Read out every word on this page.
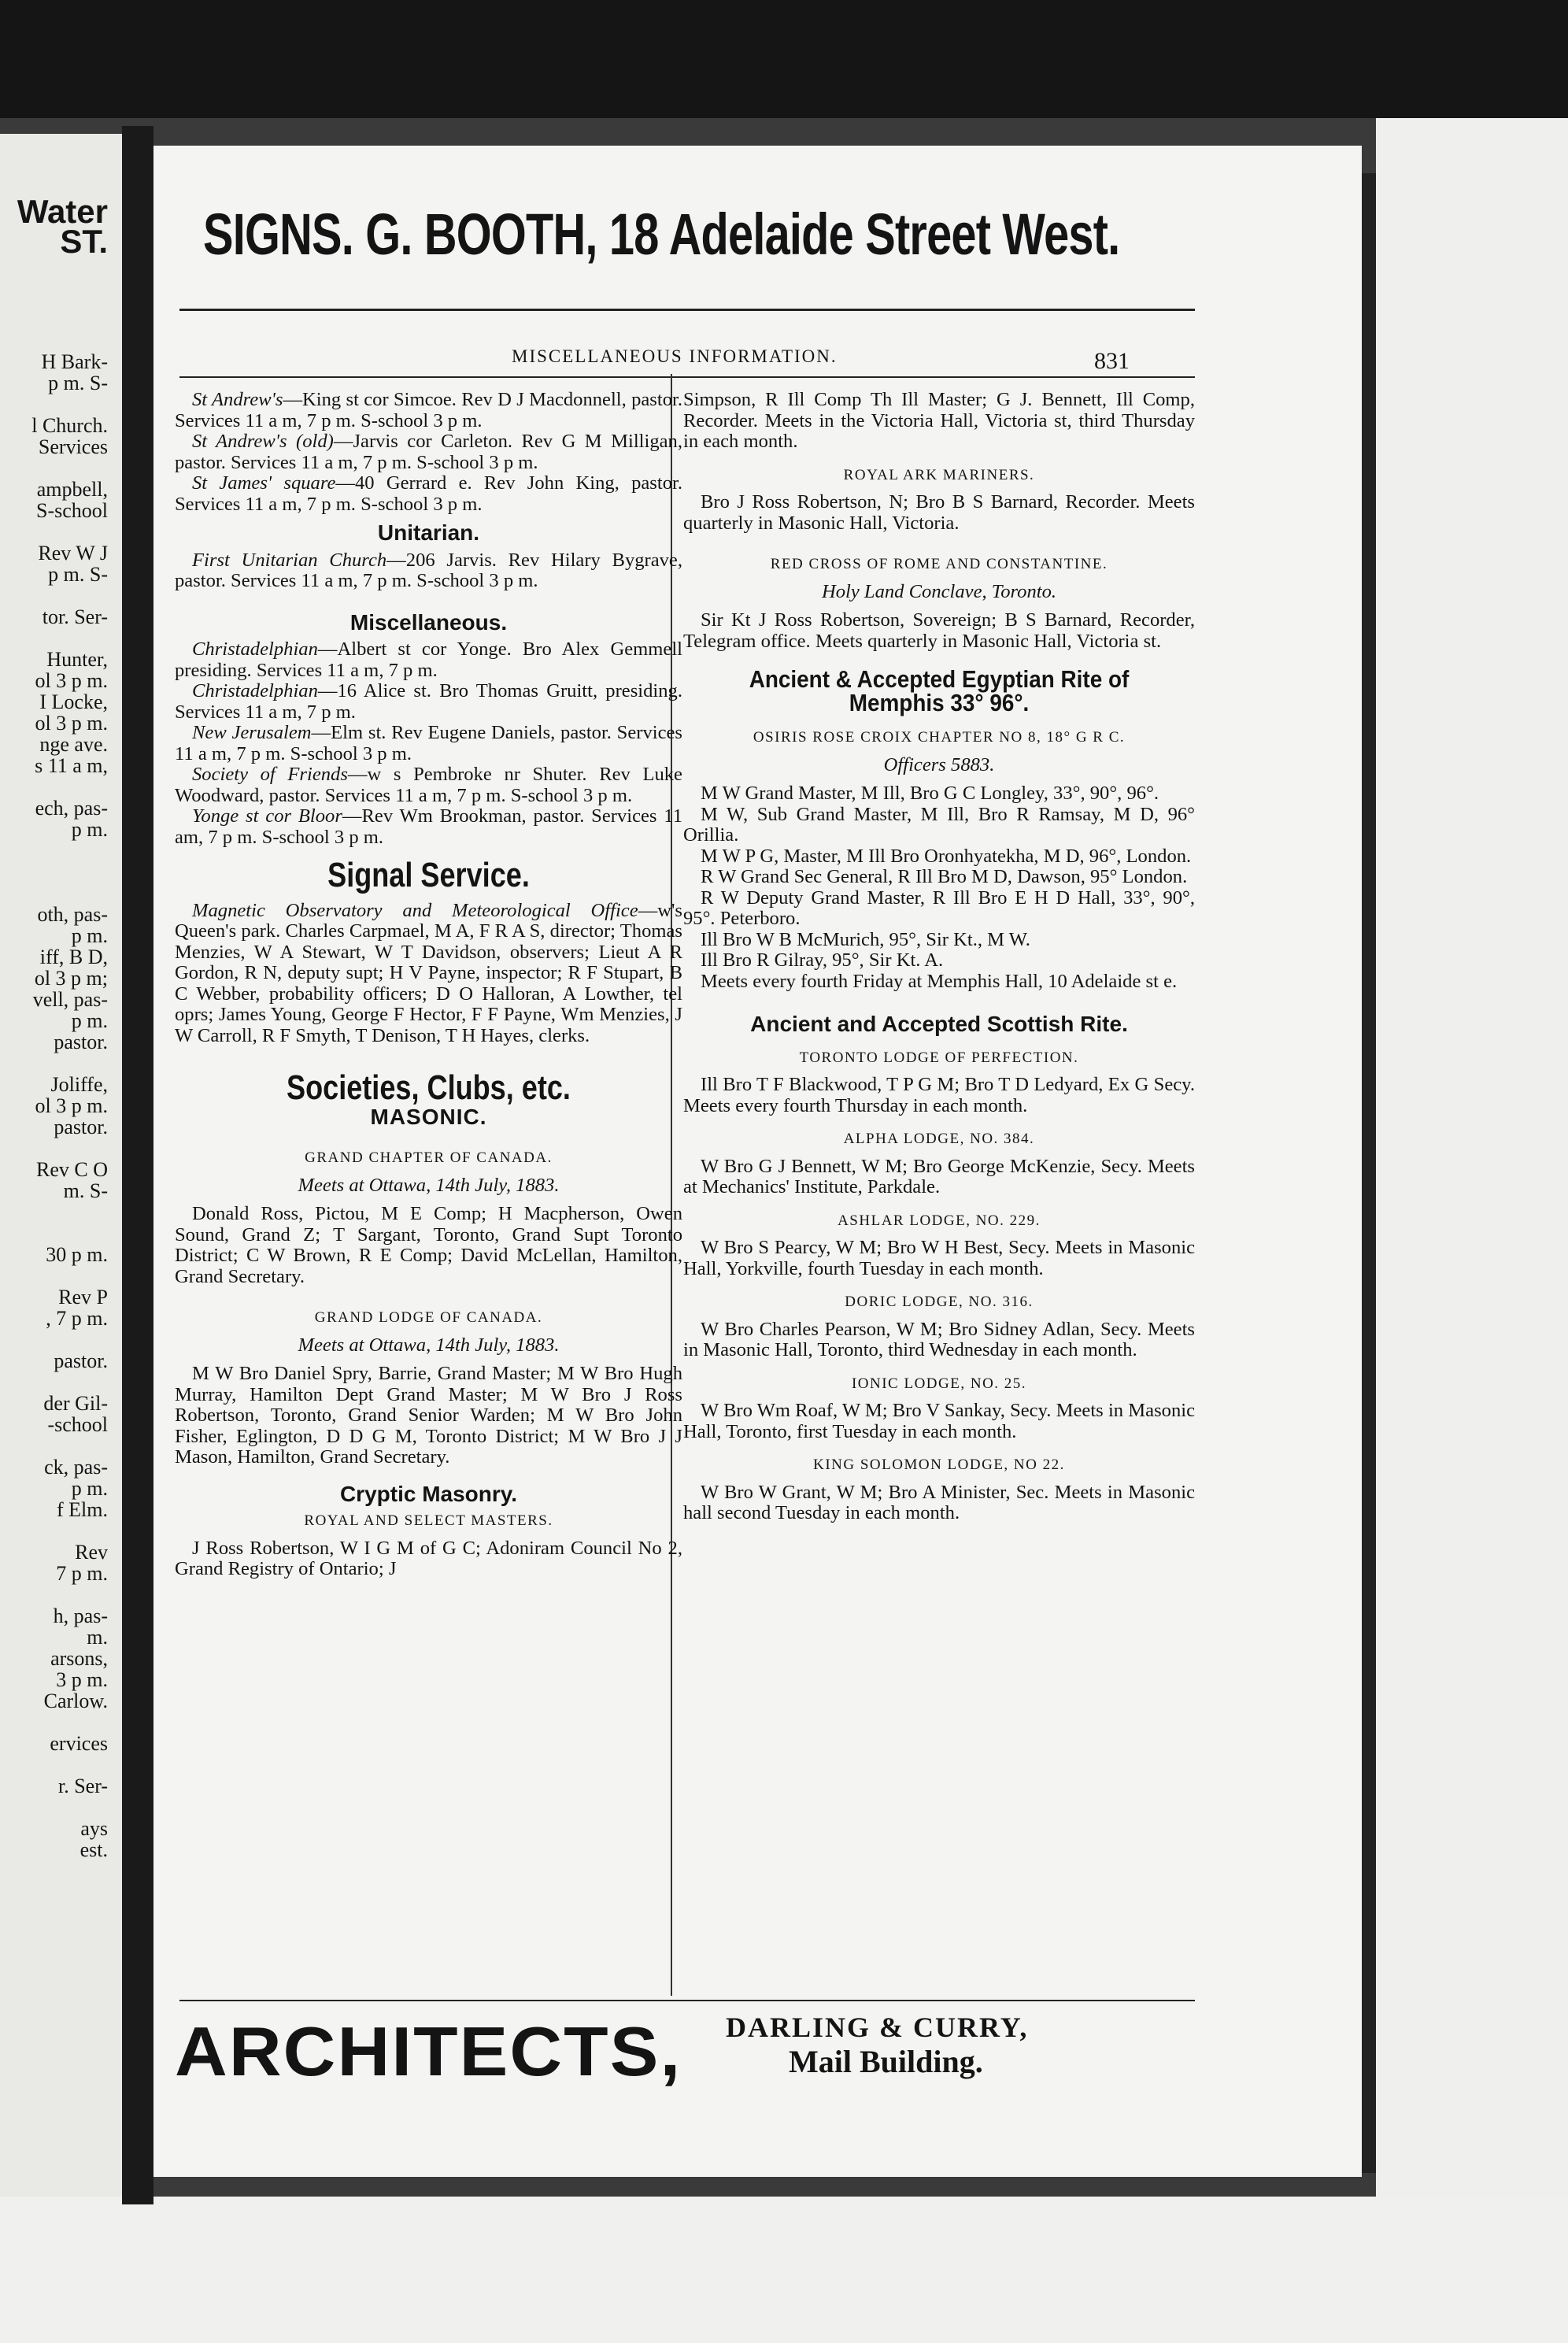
Water
ST.
H Bark-
p m. S-

l Church.
Services

ampbell,
S-school

Rev W J
p m. S-

tor. Ser-

Hunter,
ol 3 p m.
I Locke,
ol 3 p m.
nge ave.
s 11 a m,

ech, pas-
p m.

oth, pas-
p m.
iff, B D,
ol 3 p m;
vell, pas-
p m.
pastor.

Joliffe,
ol 3 p m.
pastor.

Rev C O
m. S-

30 p m.

Rev P
, 7 p m.

pastor.

der Gil-
-school

ck, pas-
p m.
f Elm.

Rev
7 p m.

h, pas-
m.
arsons,
3 p m.
Carlow.

ervices

r. Ser-

ays
est.
SIGNS. G. BOOTH, 18 Adelaide Street West.
MISCELLANEOUS INFORMATION.	831

St Andrew's—King st cor Simcoe. Rev D J Macdonnell, pastor. Services 11 a m, 7 p m. S-school 3 p m.

St Andrew's (old)—Jarvis cor Carleton. Rev G M Milligan, pastor. Services 11 a m, 7 p m. S-school 3 p m.

St James' square—40 Gerrard e. Rev John King, pastor. Services 11 a m, 7 p m. S-school 3 p m.

Unitarian.

First Unitarian Church—206 Jarvis. Rev Hilary Bygrave, pastor. Services 11 a m, 7 p m. S-school 3 p m.

Miscellaneous.

Christadelphian—Albert st cor Yonge. Bro Alex Gemmell presiding. Services 11 a m, 7 p m.

Christadelphian—16 Alice st. Bro Thomas Gruitt, presiding. Services 11 a m, 7 p m.

New Jerusalem—Elm st. Rev Eugene Daniels, pastor. Services 11 a m, 7 p m. S-school 3 p m.

Society of Friends—w s Pembroke nr Shuter. Rev Luke Woodward, pastor. Services 11 a m, 7 p m. S-school 3 p m.

Yonge st cor Bloor—Rev Wm Brookman, pastor. Services 11 am, 7 p m. S-school 3 p m.

Signal Service.

Magnetic Observatory and Meteorological Office—w's Queen's park. Charles Carpmael, M A, F R A S, director; Thomas Menzies, W A Stewart, W T Davidson, observers; Lieut A R Gordon, R N, deputy supt; H V Payne, inspector; R F Stupart, B C Webber, probability officers; D O Halloran, A Lowther, tel oprs; James Young, George F Hector, F F Payne, Wm Menzies, J W Carroll, R F Smyth, T Denison, T H Hayes, clerks.

Societies, Clubs, etc.
MASONIC.
GRAND CHAPTER OF CANADA.
Meets at Ottawa, 14th July, 1883.

Donald Ross, Pictou, M E Comp; H Macpherson, Owen Sound, Grand Z; T Sargant, Toronto, Grand Supt Toronto District; C W Brown, R E Comp; David McLellan, Hamilton, Grand Secretary.

GRAND LODGE OF CANADA.
Meets at Ottawa, 14th July, 1883.

M W Bro Daniel Spry, Barrie, Grand Master; M W Bro Hugh Murray, Hamilton Dept Grand Master; M W Bro J Ross Robertson, Toronto, Grand Senior Warden; M W Bro John Fisher, Eglington, D D G M, Toronto District; M W Bro J J Mason, Hamilton, Grand Secretary.

Cryptic Masonry.
ROYAL AND SELECT MASTERS.

J Ross Robertson, W I G M of G C; Adoniram Council No 2, Grand Registry of Ontario; J

Simpson, R Ill Comp Th Ill Master; G J. Bennett, Ill Comp, Recorder. Meets in the Victoria Hall, Victoria st, third Thursday in each month.

ROYAL ARK MARINERS.

Bro J Ross Robertson, N; Bro B S Barnard, Recorder. Meets quarterly in Masonic Hall, Victoria.

RED CROSS OF ROME AND CONSTANTINE.
Holy Land Conclave, Toronto.

Sir Kt J Ross Robertson, Sovereign; B S Barnard, Recorder, Telegram office. Meets quarterly in Masonic Hall, Victoria st.

Ancient & Accepted Egyptian Rite of Memphis 33° 96°.
OSIRIS ROSE CROIX CHAPTER NO 8, 18° G R C.
Officers 5883.

M W Grand Master, M Ill, Bro G C Longley, 33°, 90°, 96°.

M W, Sub Grand Master, M Ill, Bro R Ramsay, M D, 96° Orillia.

M W P G, Master, M Ill Bro Oronhyatekha, M D, 96°, London.

R W Grand Sec General, R Ill Bro M D, Dawson, 95° London.

R W Deputy Grand Master, R Ill Bro E H D Hall, 33°, 90°, 95°. Peterboro.

Ill Bro W B McMurich, 95°, Sir Kt., M W.

Ill Bro R Gilray, 95°, Sir Kt. A.

Meets every fourth Friday at Memphis Hall, 10 Adelaide st e.

Ancient and Accepted Scottish Rite.
TORONTO LODGE OF PERFECTION.

Ill Bro T F Blackwood, T P G M; Bro T D Ledyard, Ex G Secy. Meets every fourth Thursday in each month.

ALPHA LODGE, NO. 384.

W Bro G J Bennett, W M; Bro George McKenzie, Secy. Meets at Mechanics' Institute, Parkdale.

ASHLAR LODGE, NO. 229.

W Bro S Pearcy, W M; Bro W H Best, Secy. Meets in Masonic Hall, Yorkville, fourth Tuesday in each month.

DORIC LODGE, NO. 316.

W Bro Charles Pearson, W M; Bro Sidney Adlan, Secy. Meets in Masonic Hall, Toronto, third Wednesday in each month.

IONIC LODGE, NO. 25.

W Bro Wm Roaf, W M; Bro V Sankay, Secy. Meets in Masonic Hall, Toronto, first Tuesday in each month.

KING SOLOMON LODGE, NO 22.

W Bro W Grant, W M; Bro A Minister, Sec. Meets in Masonic hall second Tuesday in each month.

ARCHITECTS, DARLING & CURRY,
Mail Building.
